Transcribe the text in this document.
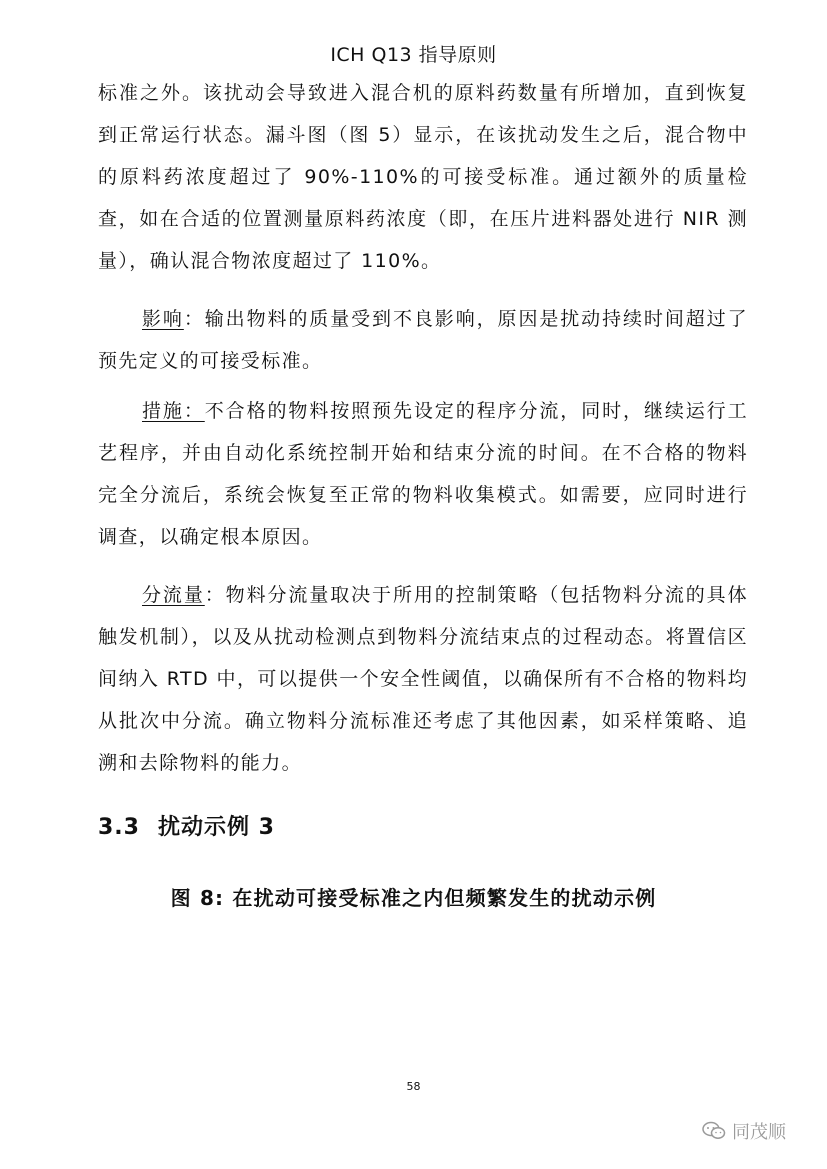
ICH Q13 指导原则

标准之外。该扰动会导致进入混合机的原料药数量有所增加，直到恢复到正常运行状态。漏斗图（图 5）显示，在该扰动发生之后，混合物中的原料药浓度超过了 90%-110%的可接受标准。通过额外的质量检查，如在合适的位置测量原料药浓度（即，在压片进料器处进行 NIR 测量），确认混合物浓度超过了 110%。

影响：输出物料的质量受到不良影响，原因是扰动持续时间超过了预先定义的可接受标准。

措施：不合格的物料按照预先设定的程序分流，同时，继续运行工艺程序，并由自动化系统控制开始和结束分流的时间。在不合格的物料完全分流后，系统会恢复至正常的物料收集模式。如需要，应同时进行调查，以确定根本原因。

分流量：物料分流量取决于所用的控制策略（包括物料分流的具体触发机制），以及从扰动检测点到物料分流结束点的过程动态。将置信区间纳入 RTD 中，可以提供一个安全性阈值，以确保所有不合格的物料均从批次中分流。确立物料分流标准还考虑了其他因素，如采样策略、追溯和去除物料的能力。

3.3 扰动示例 3
图 8: 在扰动可接受标准之内但频繁发生的扰动示例
58
同茂顺
